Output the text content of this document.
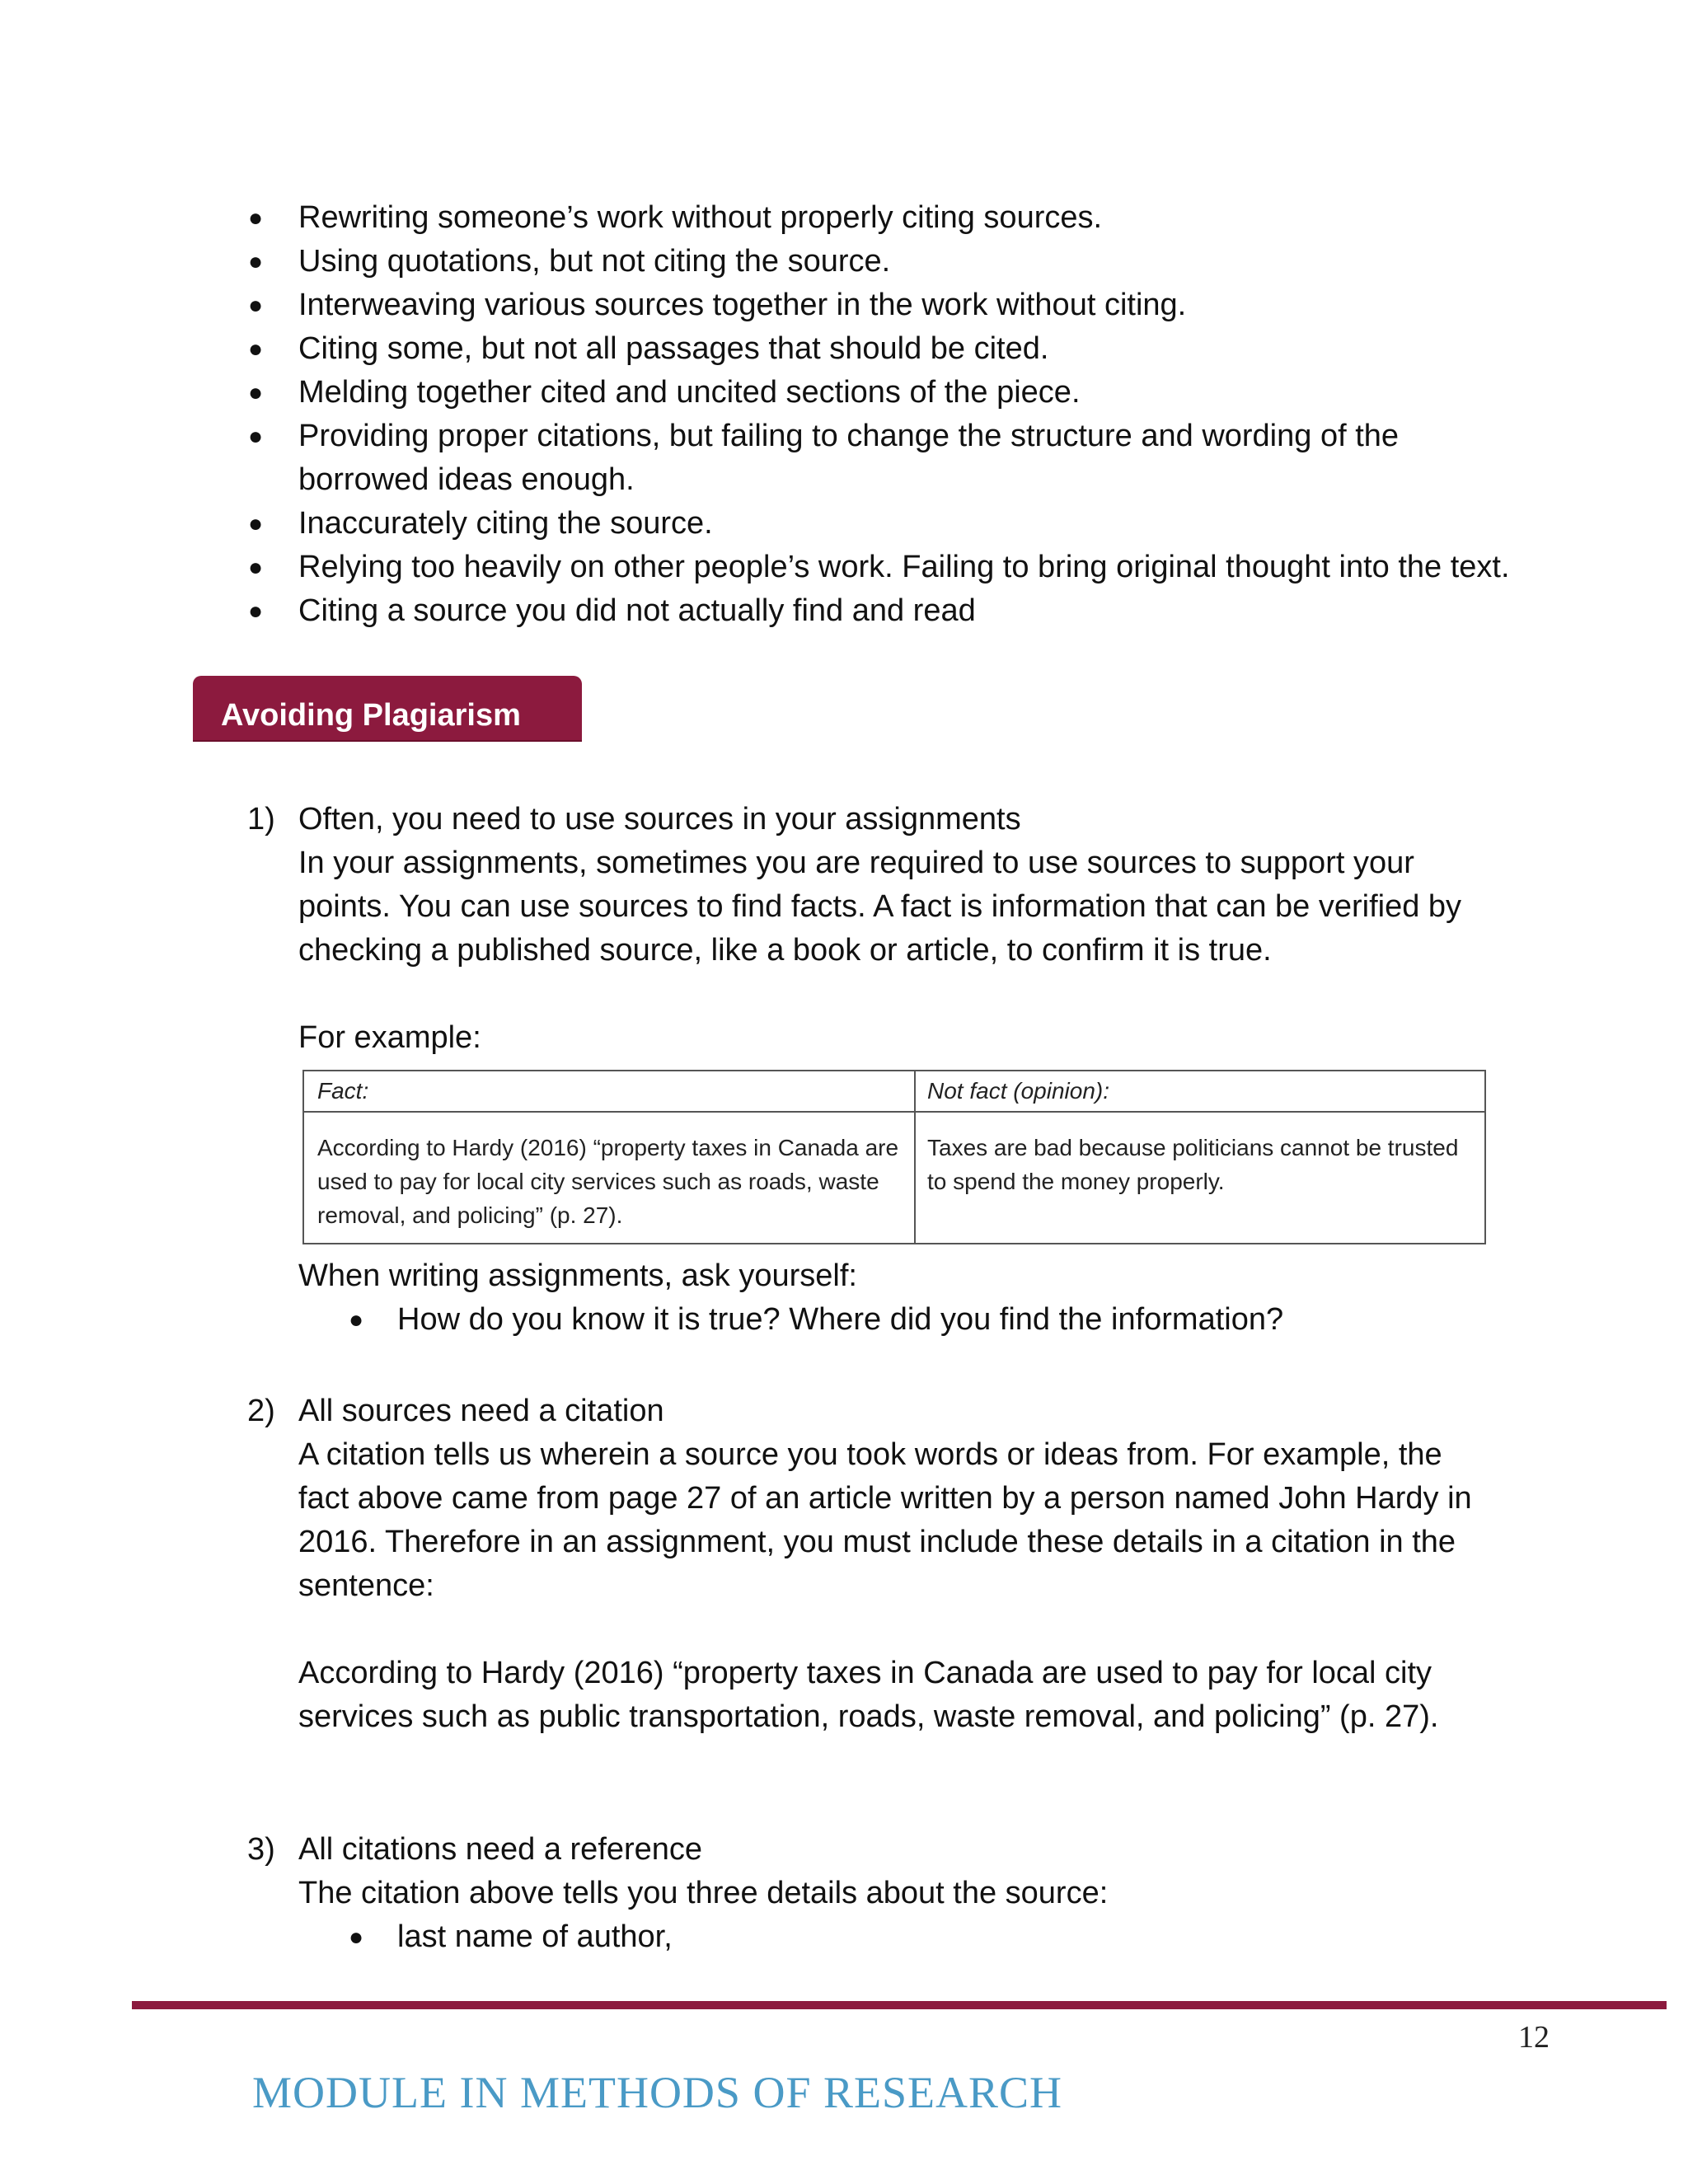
● Rewriting someone’s work without properly citing sources.
● Using quotations, but not citing the source.
● Interweaving various sources together in the work without citing.
● Citing some, but not all passages that should be cited.
● Melding together cited and uncited sections of the piece.
● Providing proper citations, but failing to change the structure and wording of the borrowed ideas enough.
● Inaccurately citing the source.
● Relying too heavily on other people’s work. Failing to bring original thought into the text.
● Citing a source you did not actually find and read
Avoiding Plagiarism
1) Often, you need to use sources in your assignments
In your assignments, sometimes you are required to use sources to support your points. You can use sources to find facts. A fact is information that can be verified by checking a published source, like a book or article, to confirm it is true.
For example:
Fact:	Not fact (opinion):
According to Hardy (2016) “property taxes in Canada are used to pay for local city services such as roads, waste removal, and policing” (p. 27).
Taxes are bad because politicians cannot be trusted to spend the money properly.
When writing assignments, ask yourself:
● How do you know it is true? Where did you find the information?
2) All sources need a citation
A citation tells us wherein a source you took words or ideas from. For example, the fact above came from page 27 of an article written by a person named John Hardy in 2016. Therefore in an assignment, you must include these details in a citation in the sentence:
According to Hardy (2016) “property taxes in Canada are used to pay for local city services such as public transportation, roads, waste removal, and policing” (p. 27).
3) All citations need a reference
The citation above tells you three details about the source:
● last name of author,
12
MODULE IN METHODS OF RESEARCH
